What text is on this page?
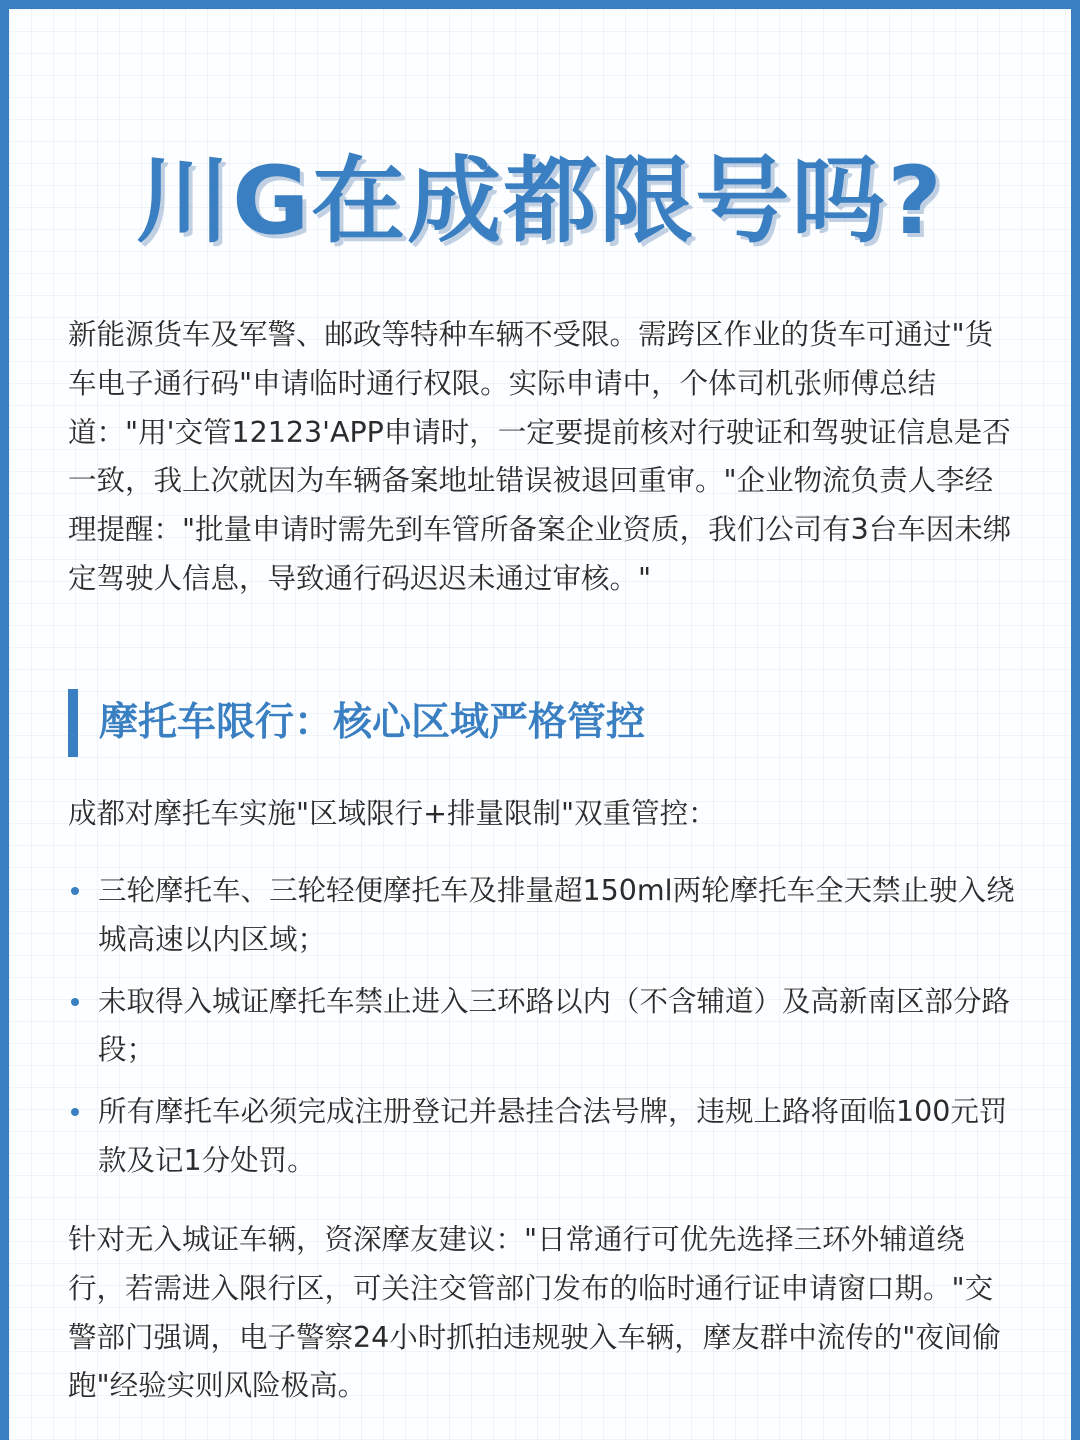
川G在成都限号吗?
新能源货车及军警、邮政等特种车辆不受限。需跨区作业的货车可通过"货车电子通行码"申请临时通行权限。实际申请中，个体司机张师傅总结道："用'交管12123'APP申请时，一定要提前核对行驶证和驾驶证信息是否一致，我上次就因为车辆备案地址错误被退回重审。"企业物流负责人李经理提醒："批量申请时需先到车管所备案企业资质，我们公司有3台车因未绑定驾驶人信息，导致通行码迟迟未通过审核。"
摩托车限行：核心区域严格管控
成都对摩托车实施"区域限行+排量限制"双重管控：
三轮摩托车、三轮轻便摩托车及排量超150ml两轮摩托车全天禁止驶入绕城高速以内区域；
未取得入城证摩托车禁止进入三环路以内（不含辅道）及高新南区部分路段；
所有摩托车必须完成注册登记并悬挂合法号牌，违规上路将面临100元罚款及记1分处罚。
针对无入城证车辆，资深摩友建议："日常通行可优先选择三环外辅道绕行，若需进入限行区，可关注交管部门发布的临时通行证申请窗口期。"交警部门强调，电子警察24小时抓拍违规驶入车辆，摩友群中流传的"夜间偷跑"经验实则风险极高。
